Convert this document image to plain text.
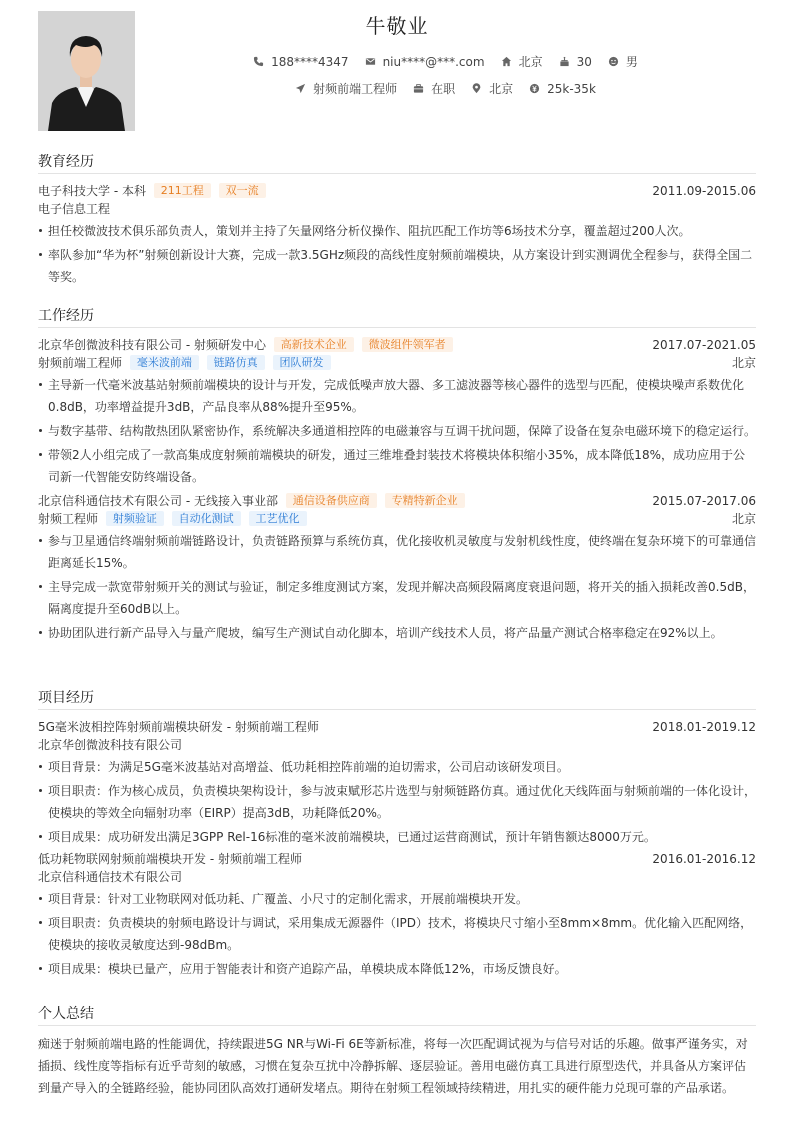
牛敬业
188****4347	niu****@***.com	北京	30	男
射频前端工程师	在职	北京	25k-35k
教育经历
电子科技大学 - 本科 211工程 双一流	2011.09-2015.06
电子信息工程
担任校微波技术俱乐部负责人，策划并主持了矢量网络分析仪操作、阻抗匹配工作坊等6场技术分享，覆盖超过200人次。
率队参加“华为杯”射频创新设计大赛，完成一款3.5GHz频段的高线性度射频前端模块，从方案设计到实测调优全程参与，获得全国二等奖。
工作经历
北京华创微波科技有限公司 - 射频研发中心 高新技术企业 微波组件领军者	2017.07-2021.05
射频前端工程师 毫米波前端 链路仿真 团队研发	北京
主导新一代毫米波基站射频前端模块的设计与开发，完成低噪声放大器、多工滤波器等核心器件的选型与匹配，使模块噪声系数优化0.8dB，功率增益提升3dB，产品良率从88%提升至95%。
与数字基带、结构散热团队紧密协作，系统解决多通道相控阵的电磁兼容与互调干扰问题，保障了设备在复杂电磁环境下的稳定运行。
带领2人小组完成了一款高集成度射频前端模块的研发，通过三维堆叠封装技术将模块体积缩小35%，成本降低18%，成功应用于公司新一代智能安防终端设备。
北京信科通信技术有限公司 - 无线接入事业部 通信设备供应商 专精特新企业	2015.07-2017.06
射频工程师 射频验证 自动化测试 工艺优化	北京
参与卫星通信终端射频前端链路设计，负责链路预算与系统仿真，优化接收机灵敏度与发射机线性度，使终端在复杂环境下的可靠通信距离延长15%。
主导完成一款宽带射频开关的测试与验证，制定多维度测试方案，发现并解决高频段隔离度衰退问题，将开关的插入损耗改善0.5dB，隔离度提升至60dB以上。
协助团队进行新产品导入与量产爬坡，编写生产测试自动化脚本，培训产线技术人员，将产品量产测试合格率稳定在92%以上。
项目经历
5G毫米波相控阵射频前端模块研发 - 射频前端工程师	2018.01-2019.12
北京华创微波科技有限公司
项目背景：为满足5G毫米波基站对高增益、低功耗相控阵前端的迫切需求，公司启动该研发项目。
项目职责：作为核心成员，负责模块架构设计，参与波束赋形芯片选型与射频链路仿真。通过优化天线阵面与射频前端的一体化设计，使模块的等效全向辐射功率（EIRP）提高3dB，功耗降低20%。
项目成果：成功研发出满足3GPP Rel-16标准的毫米波前端模块，已通过运营商测试，预计年销售额达8000万元。
低功耗物联网射频前端模块开发 - 射频前端工程师	2016.01-2016.12
北京信科通信技术有限公司
项目背景：针对工业物联网对低功耗、广覆盖、小尺寸的定制化需求，开展前端模块开发。
项目职责：负责模块的射频电路设计与调试，采用集成无源器件（IPD）技术，将模块尺寸缩小至8mm×8mm。优化输入匹配网络，使模块的接收灵敏度达到-98dBm。
项目成果：模块已量产，应用于智能表计和资产追踪产品，单模块成本降低12%，市场反馈良好。
个人总结
痴迷于射频前端电路的性能调优，持续跟进5G NR与Wi-Fi 6E等新标准，将每一次匹配调试视为与信号对话的乐趣。做事严谨务实，对插损、线性度等指标有近乎苛刻的敏感，习惯在复杂互扰中冷静拆解、逐层验证。善用电磁仿真工具进行原型迭代，并具备从方案评估到量产导入的全链路经验，能协同团队高效打通研发堵点。期待在射频工程领域持续精进，用扎实的硬件能力兑现可靠的产品承诺。
